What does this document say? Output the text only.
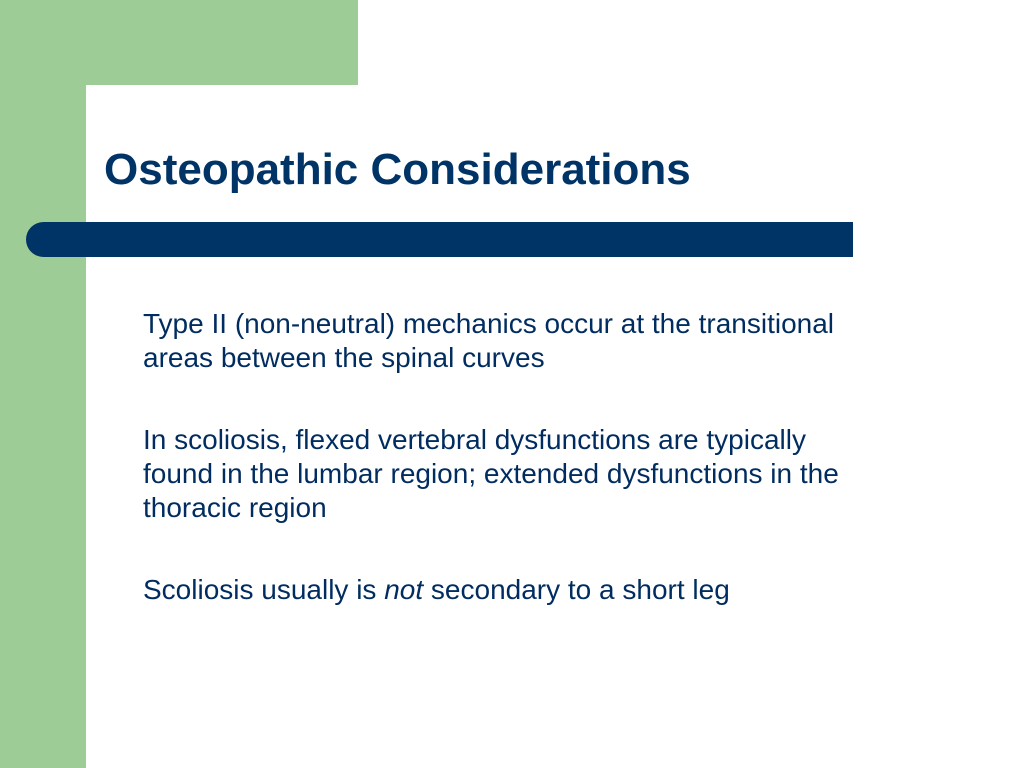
Osteopathic Considerations
Type II (non-neutral) mechanics occur at the transitional areas between the spinal curves
In scoliosis, flexed vertebral dysfunctions are typically found in the lumbar region; extended dysfunctions in the thoracic region
Scoliosis usually is not secondary to a short leg
